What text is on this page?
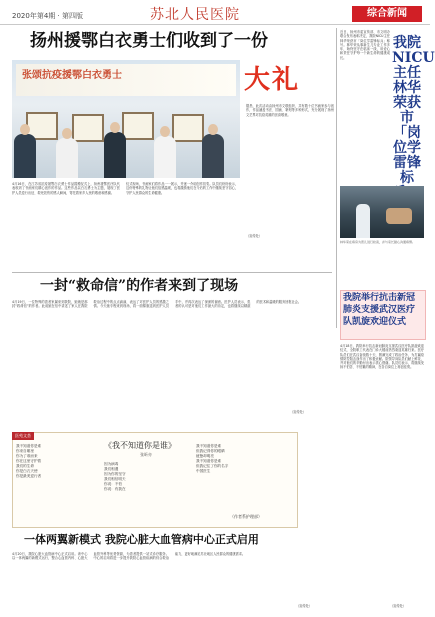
2020年第4期 · 第四版	苏北人民医院	综合新闻
扬州援鄂白衣勇士们收到了一份
张颂抗疫援鄂白衣勇士	大礼
据悉，此次活动由扬州市文联组织，共有数十位书画家参与创作，作品涵盖书法、国画、篆刻等多种形式，充分展现了扬州文艺界对抗疫英雄的崇高敬意。
（宣传处）
4月16日，在江苏省抗疫援鄂白衣勇士作品捐赠仪式上，扬州援鄂医疗队代表收到了书画家们精心创作的作品。这些作品以白衣勇士为主题，展现了医护人员逆行出征、救死扶伤的感人瞬间，寄托着家乡人民的敬意和感谢。
仪式现场，书画家们将作品一一展示，并逐一介绍创作初衷。队员们纷纷表示，这份特殊的礼物让他们倍感温暖，也将激励他们在今后的工作中继续坚守初心，守护人民群众的生命健康。
近日，扬州市委宣传部、市文明办联合发布表彰决定，我院NICU主任林华荣获市「岗位学雷锋标兵」称号。林华荣从事新生儿专业工作多年，始终坚守在临床一线，用爱心和责任守护每一个新生命的健康成长。
我院NICU主任林华荣获市「岗位学雷锋标
林华荣在病房为患儿进行检查，并与家长耐心沟通病情。
一封“救命信”的作者来到了现场
4月19日，一位特殊的患者家属来到我院，她就是那封“救命信”的作者。此前她在信中讲述了家人在我院救治过程中的点点滴滴，表达了对医护人员的感激之情。今天她专程来到现场，将一面锦旗送到医护人员手中，并再次表达了深深的谢意。医护人员表示，患者的认可是对他们工作最大的肯定，也将继续以精湛的医术和温暖的服务回报社会。
（宣传处）
我院举行抗击新冠肺炎支援武汉医疗队凯旋欢迎仪式
4月18日，我院举行抗击新冠肺炎支援武汉医疗队凯旋欢迎仪式，全院职工代表在门诊大楼前热烈欢迎英雄归来。医疗队员们在武汉奋战数十天，圆满完成了救治任务，为打赢疫情防控阻击战作出了积极贡献。院领导向队员们献上鲜花，并对他们的辛勤付出表示衷心感谢。队员们表示，将继续发扬不怕苦、不怕累的精神，在各自岗位上再创佳绩。
（宣传处）
医苑文荟
《我不知道你是谁》
张昕亦
我不知道你是谁
你来自哪里
你为了谁而来
你在这里守护着
我们的生命
你是白衣天使
你是最美逆行者
因为病毒
我们相遇
因为你的坚守
我们相信明天
你说：不怕
你说：有我在
我不知道你是谁
但我记得你的眼睛
疲惫却明亮
我不知道你是谁
但我记住了你的名字
中国医生
（作者系护理部）
一体两翼新模式 我院心脏大血管病中心正式启用
4月20日，我院心脏大血管病中心正式启用。该中心以一体两翼的新模式运行，整合心血管内科、心脏大血管外科等优势资源，为患者提供一站式诊疗服务。中心的启用将进一步提升我院心血管疾病的综合救治能力，更好地满足苏北地区人民群众的健康需求。
（宣传处）
